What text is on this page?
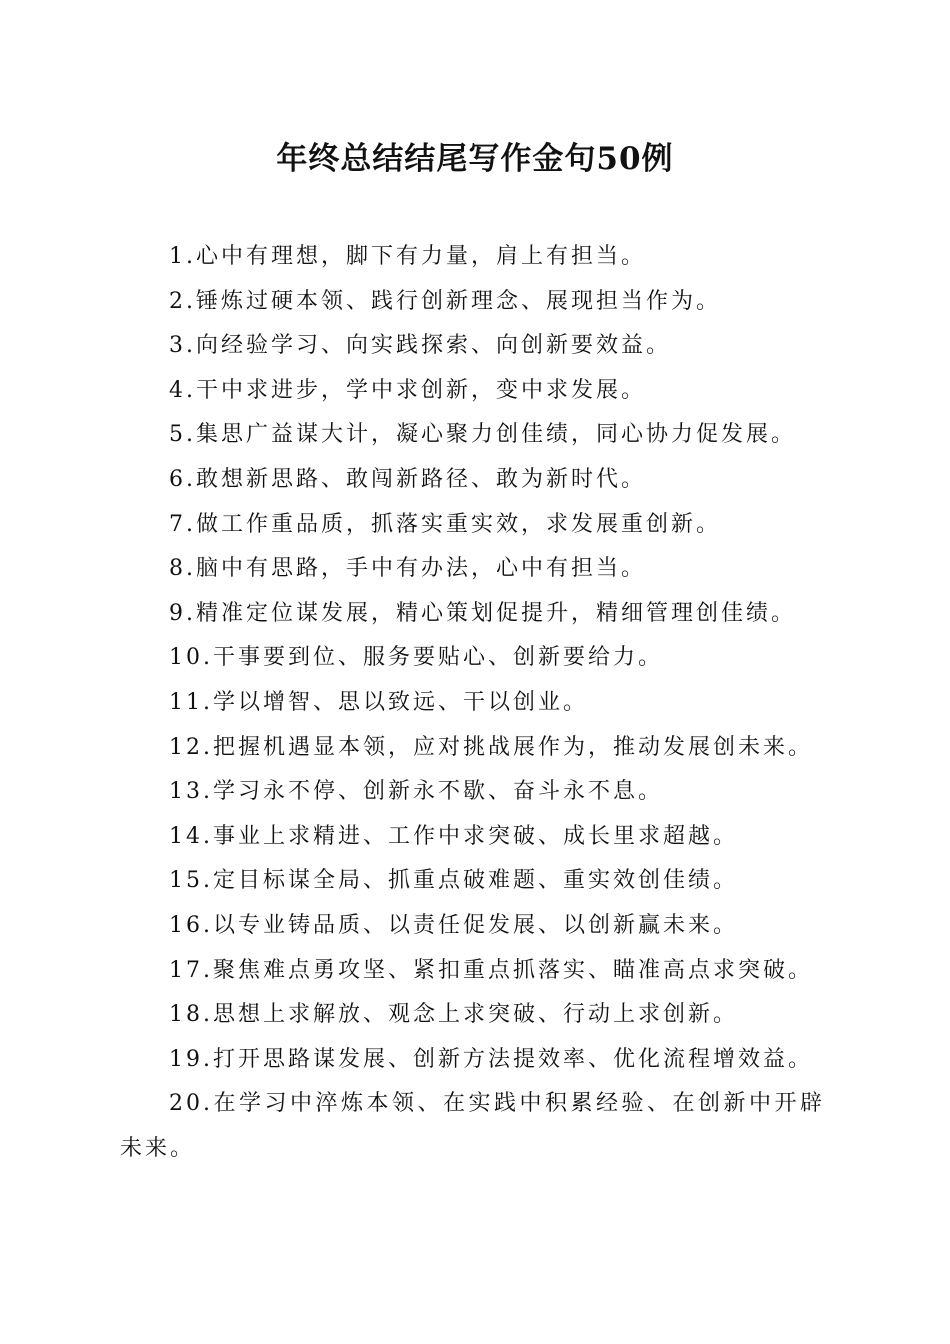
年终总结结尾写作金句50例
1.心中有理想，脚下有力量，肩上有担当。
2.锤炼过硬本领、践行创新理念、展现担当作为。
3.向经验学习、向实践探索、向创新要效益。
4.干中求进步，学中求创新，变中求发展。
5.集思广益谋大计，凝心聚力创佳绩，同心协力促发展。
6.敢想新思路、敢闯新路径、敢为新时代。
7.做工作重品质，抓落实重实效，求发展重创新。
8.脑中有思路，手中有办法，心中有担当。
9.精准定位谋发展，精心策划促提升，精细管理创佳绩。
10.干事要到位、服务要贴心、创新要给力。
11.学以增智、思以致远、干以创业。
12.把握机遇显本领，应对挑战展作为，推动发展创未来。
13.学习永不停、创新永不歇、奋斗永不息。
14.事业上求精进、工作中求突破、成长里求超越。
15.定目标谋全局、抓重点破难题、重实效创佳绩。
16.以专业铸品质、以责任促发展、以创新赢未来。
17.聚焦难点勇攻坚、紧扣重点抓落实、瞄准高点求突破。
18.思想上求解放、观念上求突破、行动上求创新。
19.打开思路谋发展、创新方法提效率、优化流程增效益。
20.在学习中淬炼本领、在实践中积累经验、在创新中开辟未来。
